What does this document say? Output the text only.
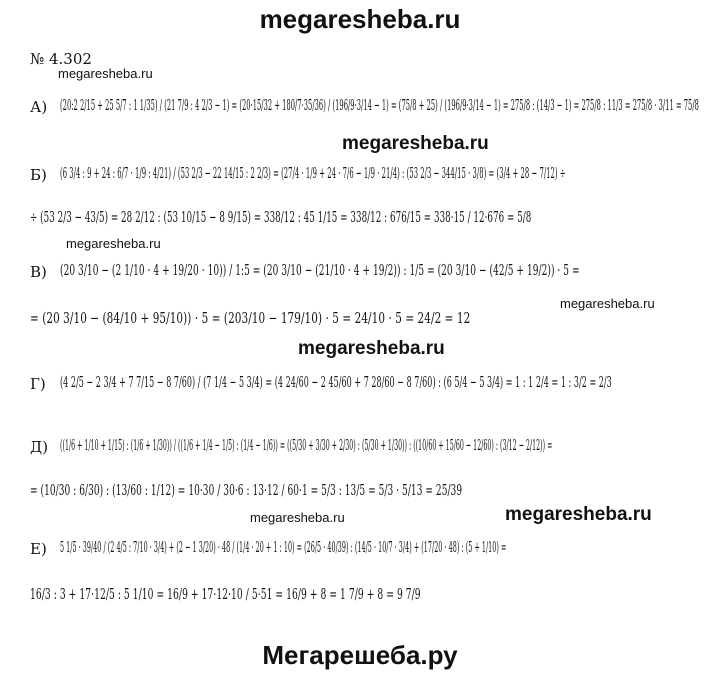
megaresheba.ru
№ 4.302
megaresheba.ru
А) (20:2 2/15 + 25 5/7 : 1 1/35) / (21 7/9 : 4 2/3 − 1) = (20·15/32 + 180/7·35/36) / (196/9·3/14 − 1) = (75/8 + 25) / (196/9·3/14 − 1) = 275/8 : (14/3 − 1) = 275/8 : 11/3 = 275/8 · 3/11 = 75/8
megaresheba.ru
Б) (6 3/4 : 9 + 24 : 6/7 · 1/9 : 4/21) / (53 2/3 − 22 14/15 : 2 2/3) = (27/4 · 1/9 + 24 · 7/6 − 1/9 · 21/4) : (53 2/3 − 344/15 · 3/8) = (3/4 + 28 − 7/12) ÷
÷ (53 2/3 − 43/5) = 28 2/12 : (53 10/15 − 8 9/15) = 338/12 : 45 1/15 = 338/12 : 676/15 = 338·15 / 12·676 = 5/8
megaresheba.ru
В) (20 3/10 − (2 1/10 · 4 + 19/20 · 10)) / 1:5 = (20 3/10 − (21/10 · 4 + 19/2)) : 1/5 = (20 3/10 − (42/5 + 19/2)) · 5 =
megaresheba.ru
= (20 3/10 − (84/10 + 95/10)) · 5 = (203/10 − 179/10) · 5 = 24/10 · 5 = 24/2 = 12
megaresheba.ru
Г) (4 2/5 − 2 3/4 + 7 7/15 − 8 7/60) / (7 1/4 − 5 3/4) = (4 24/60 − 2 45/60 + 7 28/60 − 8 7/60) : (6 5/4 − 5 3/4) = 1 : 1 2/4 = 1 : 3/2 = 2/3
Д) ((1/6 + 1/10 + 1/15) : (1/6 + 1/30)) / ((1/6 + 1/4 − 1/5) : (1/4 − 1/6)) = ((5/30 + 3/30 + 2/30) : (5/30 + 1/30)) : ((10/60 + 15/60 − 12/60) : (3/12 − 2/12)) =
= (10/30 : 6/30) : (13/60 : 1/12) = 10·30 / 30·6 : 13·12 / 60·1 = 5/3 : 13/5 = 5/3 · 5/13 = 25/39
megaresheba.ru	megaresheba.ru
Е) 5 1/5 · 39/40 / (2 4/5 : 7/10 · 3/4) + (2 − 1 3/20) · 48 / (1/4 · 20 + 1 : 10) = (26/5 · 40/39) : (14/5 · 10/7 · 3/4) + (17/20 · 48) : (5 + 1/10) =
16/3 : 3 + 17·12/5 : 5 1/10 = 16/9 + 17·12·10 / 5·51 = 16/9 + 8 = 1 7/9 + 8 = 9 7/9
Мегарешеба.ру
